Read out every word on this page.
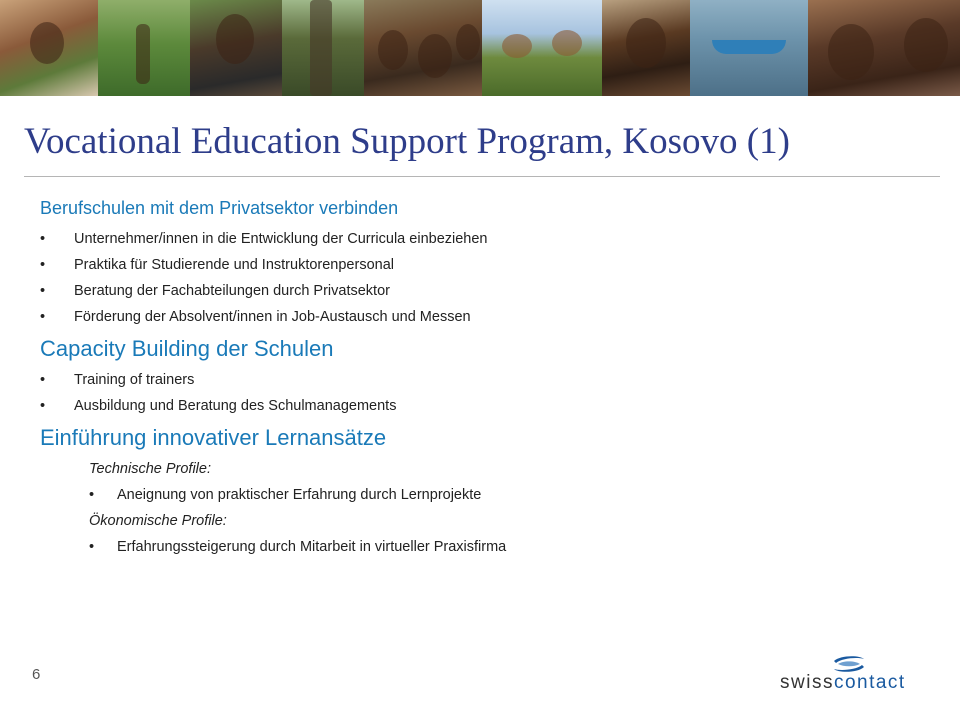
Vocational Education Support Program, Kosovo (1)
Berufschulen mit dem Privatsektor verbinden
• Unternehmer/innen in die Entwicklung der Curricula einbeziehen
• Praktika für Studierende und Instruktorenpersonal
• Beratung der Fachabteilungen durch Privatsektor
• Förderung der Absolvent/innen in Job-Austausch und Messen
Capacity Building der Schulen
• Training of trainers
• Ausbildung und Beratung des Schulmanagements
Einführung innovativer Lernansätze
Technische Profile:
• Aneignung von praktischer Erfahrung durch Lernprojekte
Ökonomische Profile:
• Erfahrungssteigerung durch Mitarbeit in virtueller Praxisfirma
6	swisscontact
